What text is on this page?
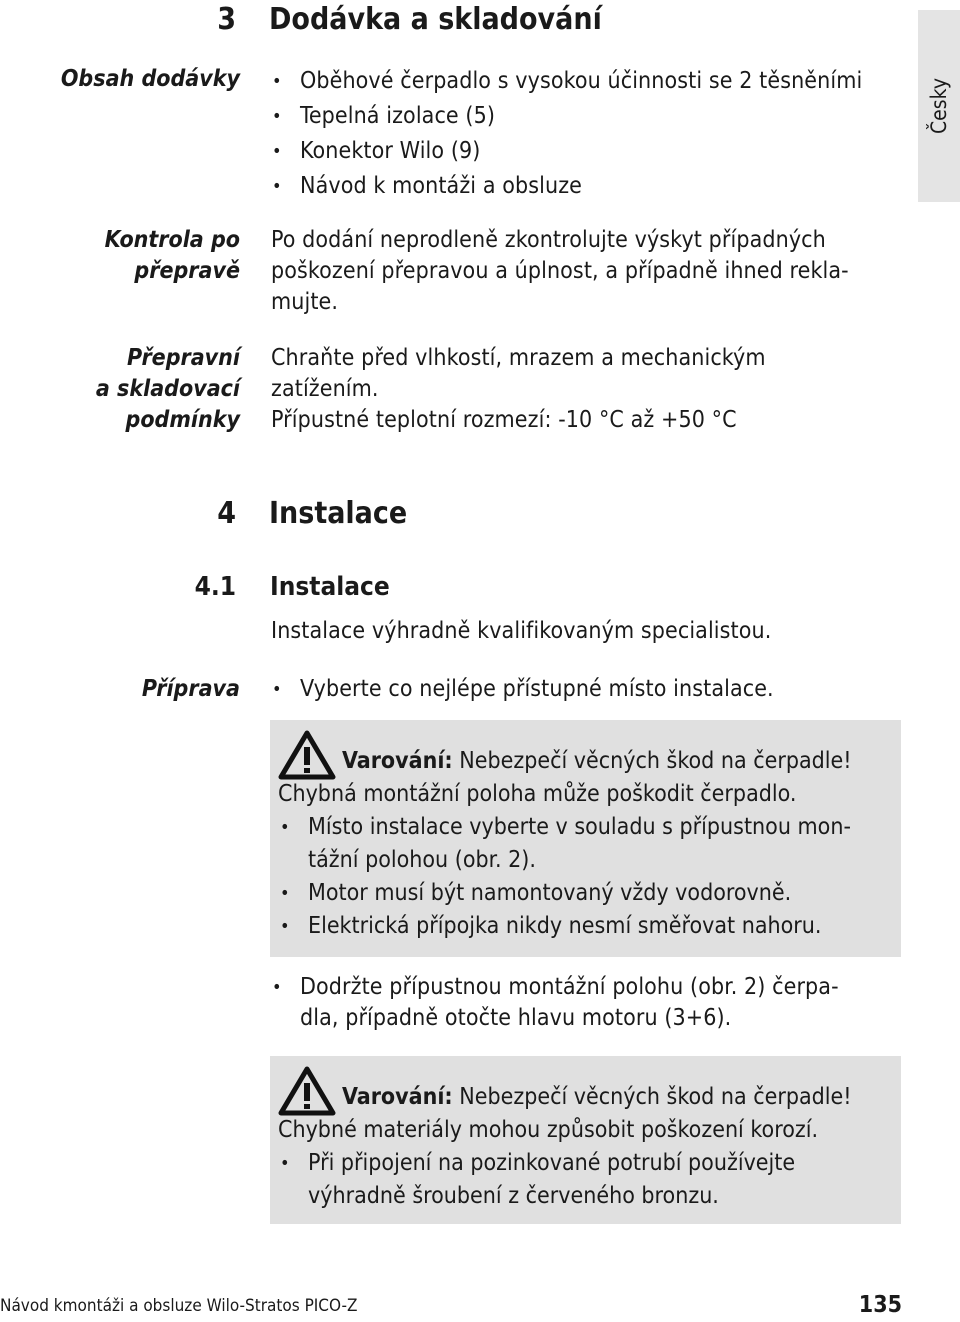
Česky
3 Dodávka a skladování
Obsah dodávky	• Oběhové čerpadlo s vysokou účinnosti se 2 těsněními
• Tepelná izolace (5)
• Konektor Wilo (9)
• Návod k montáži a obsluze
Kontrola po
přepravě
Po dodání neprodleně zkontrolujte výskyt případných
poškození přepravou a úplnost, a případně ihned rekla-
mujte.
Přepravní
a skladovací
podmínky
Chraňte před vlhkostí, mrazem a mechanickým
zatížením.
Přípustné teplotní rozmezí: -10 °C až +50 °C
4 Instalace
4.1 Instalace
Instalace výhradně kvalifikovaným specialistou.
Příprava	• Vyberte co nejlépe přístupné místo instalace.
Varování: Nebezpečí věcných škod na čerpadle!
Chybná montážní poloha může poškodit čerpadlo.
• Místo instalace vyberte v souladu s přípustnou mon-
tážní polohou (obr. 2).
• Motor musí být namontovaný vždy vodorovně.
• Elektrická přípojka nikdy nesmí směřovat nahoru.
• Dodržte přípustnou montážní polohu (obr. 2) čerpa-
dla, případně otočte hlavu motoru (3+6).
Varování: Nebezpečí věcných škod na čerpadle!
Chybné materiály mohou způsobit poškození korozí.
• Při připojení na pozinkované potrubí používejte
výhradně šroubení z červeného bronzu.
Návod kmontáži a obsluze Wilo-Stratos PICO-Z	135
